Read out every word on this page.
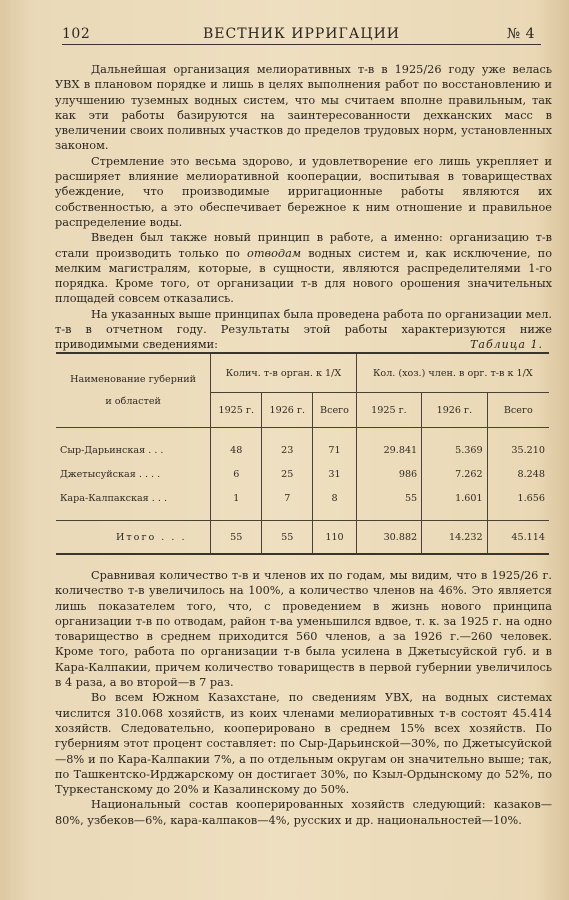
102	ВЕСТНИК ИРРИГАЦИИ	№ 4

Дальнейшая организация мелиоративных т-в в 1925/26 году уже велась УВХ в плановом порядке и лишь в целях выполнения работ по восстановлению и улучшению туземных водных систем, что мы считаем вполне правильным, так как эти работы базируются на заинтересованности дехканских масс в увеличении своих поливных участков до пределов трудовых норм, установленных законом.

Стремление это весьма здорово, и удовлетворение его лишь укрепляет и расширяет влияние мелиоративной кооперации, воспитывая в товариществах убеждение, что производимые ирригационные работы являются их собственностью, а это обеспечивает бережное к ним отношение и правильное распределение воды.

Введен был также новый принцип в работе, а именно: организацию т-в стали производить только по отводам водных систем и, как исключение, по мелким магистралям, которые, в сущности, являются распределителями 1-го порядка. Кроме того, от организации т-в для нового орошения значительных площадей совсем отказались.

На указанных выше принципах была проведена работа по организации мел. т-в в отчетном году. Результаты этой работы характеризуются ниже приводимыми сведениями:	Таблица 1.
Наименование губерний
и областей	Колич. т-в орган. к 1/X			Кол. (хоз.) член. в орг. т-в к 1/X		
	1925 г.	1926 г.	Всего	1925 г.	1926 г.	Всего

Сыр-Дарьинская . . .	48	23	71	29.841	5.369	35.210
Джетысуйская . . . .	6	25	31	986	7.262	8.248
Кара-Калпакская . . .	1	7	8	55	1.601	1.656

Итого . . .	55	55	110	30.882	14.232	45.114

Сравнивая количество т-в и членов их по годам, мы видим, что в 1925/26 г. количество т-в увеличилось на 100%, а количество членов на 46%. Это является лишь показателем того, что, с проведением в жизнь нового принципа организации т-в по отводам, район т-ва уменьшился вдвое, т. к. за 1925 г. на одно товарищество в среднем приходится 560 членов, а за 1926 г.—260 человек. Кроме того, работа по организации т-в была усилена в Джетысуйской губ. и в Кара-Калпакии, причем количество товариществ в первой губернии увеличилось в 4 раза, а во второй—в 7 раз.

Во всем Южном Казахстане, по сведениям УВХ, на водных системах числится 310.068 хозяйств, из коих членами мелиоративных т-в состоят 45.414 хозяйств. Следовательно, кооперировано в среднем 15% всех хозяйств. По губерниям этот процент составляет: по Сыр-Дарьинской—30%, по Джетысуйской—8% и по Кара-Калпакии 7%, а по отдельным округам он значительно выше; так, по Ташкентско-Ирджарскому он достигает 30%, по Кзыл-Ордынскому до 52%, по Туркестанскому до 20% и Казалинскому до 50%.

Национальный состав кооперированных хозяйств следующий: казаков—80%, узбеков—6%, кара-калпаков—4%, русских и др. национальностей—10%.
